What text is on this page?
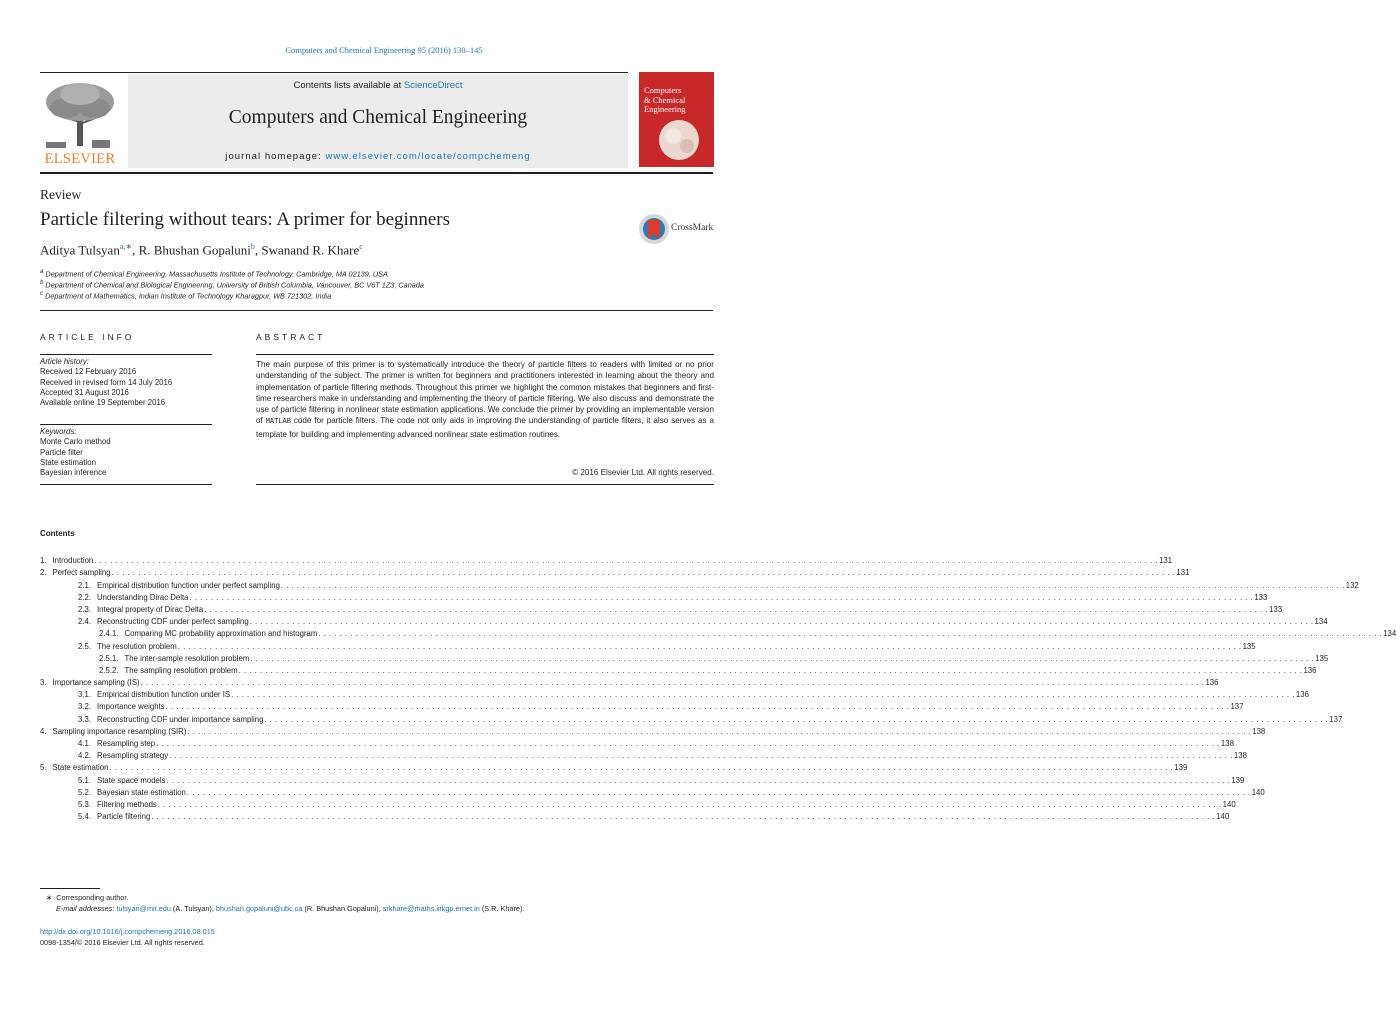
Computers and Chemical Engineering 95 (2016) 130–145
ELSEVIER
Contents lists available at ScienceDirect
Computers and Chemical Engineering
journal homepage: www.elsevier.com/locate/compchemeng
Computers
& Chemical
Engineering
Review
Particle filtering without tears: A primer for beginners	CrossMark
Aditya Tulsyan$^{a,∗}$, R. Bhushan Gopaluni$^b$, Swanand R. Khare$^c$
$^a$ Department of Chemical Engineering, Massachusetts Institute of Technology, Cambridge, MA 02139, USA
$^b$ Department of Chemical and Biological Engineering, University of British Columbia, Vancouver, BC V6T 1Z3, Canada
$^c$ Department of Mathematics, Indian Institute of Technology Kharagpur, WB 721302, India
ARTICLE INFO	ABSTRACT
Article history:
Received 12 February 2016
Received in revised form 14 July 2016
Accepted 31 August 2016
Available online 19 September 2016
Keywords:
Monte Carlo method
Particle filter
State estimation
Bayesian inference
The main purpose of this primer is to systematically introduce the theory of particle filters to readers with limited or no prior understanding of the subject. The primer is written for beginners and practitioners interested in learning about the theory and implementation of particle filtering methods. Throughout this primer we highlight the common mistakes that beginners and first-time researchers make in understanding and implementing the theory of particle filtering. We also discuss and demonstrate the use of particle filtering in nonlinear state estimation applications. We conclude the primer by providing an implementable version of MATLAB code for particle filters. The code not only aids in improving the understanding of particle filters, it also serves as a template for building and implementing advanced nonlinear state estimation routines.
© 2016 Elsevier Ltd. All rights reserved.
Contents
1. Introduction . . . . . . . . . . . . . . . . . . . . . . . . . . . . . . . . . . . . . . . . . . . . . . . . . . . . . . . . . . . . . . . . . . . . . . . . . . . . . . . . . . . . . . . . . . . . . . . . . . . . . . . . . . . . . . . . . . . . . . . . . . . . . . . . . . . . . . . . . . . . . . . . . . . . . . . . . . . . . . . . . . . . . . . . . . . . . . . . . . . . . . . . . . . . . . . . . . . . . . . . 131
2. Perfect sampling . . . . . . . . . . . . . . . . . . . . . . . . . . . . . . . . . . . . . . . . . . . . . . . . . . . . . . . . . . . . . . . . . . . . . . . . . . . . . . . . . . . . . . . . . . . . . . . . . . . . . . . . . . . . . . . . . . . . . . . . . . . . . . . . . . . . . . . . . . . . . . . . . . . . . . . . . . . . . . . . . . . . . . . . . . . . . . . . . . . . . . . . . . . . . . . . . . . . . . . . 131
2.1. Empirical distribution function under perfect sampling . . . . . . . . . . . . . . . . . . . . . . . . . . . . . . . . . . . . . . . . . . . . . . . . . . . . . . . . . . . . . . . . . . . . . . . . . . . . . . . . . . . . . . . . . . . . . . . . . . . . . . . . . . . . . . . . . . . . . . . . . . . . . . . . . . . . . . . . . . . . . . . . . . . . . . . . . . . . . . . . . . . . . . . . . . . . . . . . . . . . . . . . . . . . . . . . . . . . . . . . 132
2.2. Understanding Dirac Delta . . . . . . . . . . . . . . . . . . . . . . . . . . . . . . . . . . . . . . . . . . . . . . . . . . . . . . . . . . . . . . . . . . . . . . . . . . . . . . . . . . . . . . . . . . . . . . . . . . . . . . . . . . . . . . . . . . . . . . . . . . . . . . . . . . . . . . . . . . . . . . . . . . . . . . . . . . . . . . . . . . . . . . . . . . . . . . . . . . . . . . . . . . . . . . . . . . . . . . . . 133
2.3. Integral property of Dirac Delta . . . . . . . . . . . . . . . . . . . . . . . . . . . . . . . . . . . . . . . . . . . . . . . . . . . . . . . . . . . . . . . . . . . . . . . . . . . . . . . . . . . . . . . . . . . . . . . . . . . . . . . . . . . . . . . . . . . . . . . . . . . . . . . . . . . . . . . . . . . . . . . . . . . . . . . . . . . . . . . . . . . . . . . . . . . . . . . . . . . . . . . . . . . . . . . . . . . . . . . . 133
2.4. Reconstructing CDF under perfect sampling . . . . . . . . . . . . . . . . . . . . . . . . . . . . . . . . . . . . . . . . . . . . . . . . . . . . . . . . . . . . . . . . . . . . . . . . . . . . . . . . . . . . . . . . . . . . . . . . . . . . . . . . . . . . . . . . . . . . . . . . . . . . . . . . . . . . . . . . . . . . . . . . . . . . . . . . . . . . . . . . . . . . . . . . . . . . . . . . . . . . . . . . . . . . . . . . . . . . . . . . 134
2.4.1. Comparing MC probability approximation and histogram . . . . . . . . . . . . . . . . . . . . . . . . . . . . . . . . . . . . . . . . . . . . . . . . . . . . . . . . . . . . . . . . . . . . . . . . . . . . . . . . . . . . . . . . . . . . . . . . . . . . . . . . . . . . . . . . . . . . . . . . . . . . . . . . . . . . . . . . . . . . . . . . . . . . . . . . . . . . . . . . . . . . . . . . . . . . . . . . . . . . . . . . . . . . . . . . . . . . . . . . 134
2.5. The resolution problem . . . . . . . . . . . . . . . . . . . . . . . . . . . . . . . . . . . . . . . . . . . . . . . . . . . . . . . . . . . . . . . . . . . . . . . . . . . . . . . . . . . . . . . . . . . . . . . . . . . . . . . . . . . . . . . . . . . . . . . . . . . . . . . . . . . . . . . . . . . . . . . . . . . . . . . . . . . . . . . . . . . . . . . . . . . . . . . . . . . . . . . . . . . . . . . . . . . . . . . . 135
2.5.1. The inter-sample resolution problem . . . . . . . . . . . . . . . . . . . . . . . . . . . . . . . . . . . . . . . . . . . . . . . . . . . . . . . . . . . . . . . . . . . . . . . . . . . . . . . . . . . . . . . . . . . . . . . . . . . . . . . . . . . . . . . . . . . . . . . . . . . . . . . . . . . . . . . . . . . . . . . . . . . . . . . . . . . . . . . . . . . . . . . . . . . . . . . . . . . . . . . . . . . . . . . . . . . . . . . . 135
2.5.2. The sampling resolution problem . . . . . . . . . . . . . . . . . . . . . . . . . . . . . . . . . . . . . . . . . . . . . . . . . . . . . . . . . . . . . . . . . . . . . . . . . . . . . . . . . . . . . . . . . . . . . . . . . . . . . . . . . . . . . . . . . . . . . . . . . . . . . . . . . . . . . . . . . . . . . . . . . . . . . . . . . . . . . . . . . . . . . . . . . . . . . . . . . . . . . . . . . . . . . . . . . . . . . . . . 136
3. Importance sampling (IS) . . . . . . . . . . . . . . . . . . . . . . . . . . . . . . . . . . . . . . . . . . . . . . . . . . . . . . . . . . . . . . . . . . . . . . . . . . . . . . . . . . . . . . . . . . . . . . . . . . . . . . . . . . . . . . . . . . . . . . . . . . . . . . . . . . . . . . . . . . . . . . . . . . . . . . . . . . . . . . . . . . . . . . . . . . . . . . . . . . . . . . . . . . . . . . . . . . . . . . . . 136
3.1. Empirical distribution function under IS . . . . . . . . . . . . . . . . . . . . . . . . . . . . . . . . . . . . . . . . . . . . . . . . . . . . . . . . . . . . . . . . . . . . . . . . . . . . . . . . . . . . . . . . . . . . . . . . . . . . . . . . . . . . . . . . . . . . . . . . . . . . . . . . . . . . . . . . . . . . . . . . . . . . . . . . . . . . . . . . . . . . . . . . . . . . . . . . . . . . . . . . . . . . . . . . . . . . . . . . 136
3.2. Importance weights . . . . . . . . . . . . . . . . . . . . . . . . . . . . . . . . . . . . . . . . . . . . . . . . . . . . . . . . . . . . . . . . . . . . . . . . . . . . . . . . . . . . . . . . . . . . . . . . . . . . . . . . . . . . . . . . . . . . . . . . . . . . . . . . . . . . . . . . . . . . . . . . . . . . . . . . . . . . . . . . . . . . . . . . . . . . . . . . . . . . . . . . . . . . . . . . . . . . . . . . 137
3.3. Reconstructing CDF under importance sampling . . . . . . . . . . . . . . . . . . . . . . . . . . . . . . . . . . . . . . . . . . . . . . . . . . . . . . . . . . . . . . . . . . . . . . . . . . . . . . . . . . . . . . . . . . . . . . . . . . . . . . . . . . . . . . . . . . . . . . . . . . . . . . . . . . . . . . . . . . . . . . . . . . . . . . . . . . . . . . . . . . . . . . . . . . . . . . . . . . . . . . . . . . . . . . . . . . . . . . . . 137
4. Sampling importance resampling (SIR) . . . . . . . . . . . . . . . . . . . . . . . . . . . . . . . . . . . . . . . . . . . . . . . . . . . . . . . . . . . . . . . . . . . . . . . . . . . . . . . . . . . . . . . . . . . . . . . . . . . . . . . . . . . . . . . . . . . . . . . . . . . . . . . . . . . . . . . . . . . . . . . . . . . . . . . . . . . . . . . . . . . . . . . . . . . . . . . . . . . . . . . . . . . . . . . . . . . . . . . . 138
4.1. Resampling step . . . . . . . . . . . . . . . . . . . . . . . . . . . . . . . . . . . . . . . . . . . . . . . . . . . . . . . . . . . . . . . . . . . . . . . . . . . . . . . . . . . . . . . . . . . . . . . . . . . . . . . . . . . . . . . . . . . . . . . . . . . . . . . . . . . . . . . . . . . . . . . . . . . . . . . . . . . . . . . . . . . . . . . . . . . . . . . . . . . . . . . . . . . . . . . . . . . . . . . . 138
4.2. Resampling strategy . . . . . . . . . . . . . . . . . . . . . . . . . . . . . . . . . . . . . . . . . . . . . . . . . . . . . . . . . . . . . . . . . . . . . . . . . . . . . . . . . . . . . . . . . . . . . . . . . . . . . . . . . . . . . . . . . . . . . . . . . . . . . . . . . . . . . . . . . . . . . . . . . . . . . . . . . . . . . . . . . . . . . . . . . . . . . . . . . . . . . . . . . . . . . . . . . . . . . . . . 138
5. State estimation . . . . . . . . . . . . . . . . . . . . . . . . . . . . . . . . . . . . . . . . . . . . . . . . . . . . . . . . . . . . . . . . . . . . . . . . . . . . . . . . . . . . . . . . . . . . . . . . . . . . . . . . . . . . . . . . . . . . . . . . . . . . . . . . . . . . . . . . . . . . . . . . . . . . . . . . . . . . . . . . . . . . . . . . . . . . . . . . . . . . . . . . . . . . . . . . . . . . . . . . 139
5.1. State space models . . . . . . . . . . . . . . . . . . . . . . . . . . . . . . . . . . . . . . . . . . . . . . . . . . . . . . . . . . . . . . . . . . . . . . . . . . . . . . . . . . . . . . . . . . . . . . . . . . . . . . . . . . . . . . . . . . . . . . . . . . . . . . . . . . . . . . . . . . . . . . . . . . . . . . . . . . . . . . . . . . . . . . . . . . . . . . . . . . . . . . . . . . . . . . . . . . . . . . . . 139
5.2. Bayesian state estimation . . . . . . . . . . . . . . . . . . . . . . . . . . . . . . . . . . . . . . . . . . . . . . . . . . . . . . . . . . . . . . . . . . . . . . . . . . . . . . . . . . . . . . . . . . . . . . . . . . . . . . . . . . . . . . . . . . . . . . . . . . . . . . . . . . . . . . . . . . . . . . . . . . . . . . . . . . . . . . . . . . . . . . . . . . . . . . . . . . . . . . . . . . . . . . . . . . . . . . . . 140
5.3. Filtering methods . . . . . . . . . . . . . . . . . . . . . . . . . . . . . . . . . . . . . . . . . . . . . . . . . . . . . . . . . . . . . . . . . . . . . . . . . . . . . . . . . . . . . . . . . . . . . . . . . . . . . . . . . . . . . . . . . . . . . . . . . . . . . . . . . . . . . . . . . . . . . . . . . . . . . . . . . . . . . . . . . . . . . . . . . . . . . . . . . . . . . . . . . . . . . . . . . . . . . . . . 140
5.4. Particle filtering . . . . . . . . . . . . . . . . . . . . . . . . . . . . . . . . . . . . . . . . . . . . . . . . . . . . . . . . . . . . . . . . . . . . . . . . . . . . . . . . . . . . . . . . . . . . . . . . . . . . . . . . . . . . . . . . . . . . . . . . . . . . . . . . . . . . . . . . . . . . . . . . . . . . . . . . . . . . . . . . . . . . . . . . . . . . . . . . . . . . . . . . . . . . . . . . . . . . . . . . 140
∗ Corresponding author.
E-mail addresses: tulsyan@mit.edu (A. Tulsyan), bhushan.gopaluni@ubc.ca (R. Bhushan Gopaluni), srkhare@maths.iitkgp.ernet.in (S.R. Khare).
http://dx.doi.org/10.1016/j.compchemeng.2016.08.015
0098-1354/© 2016 Elsevier Ltd. All rights reserved.
